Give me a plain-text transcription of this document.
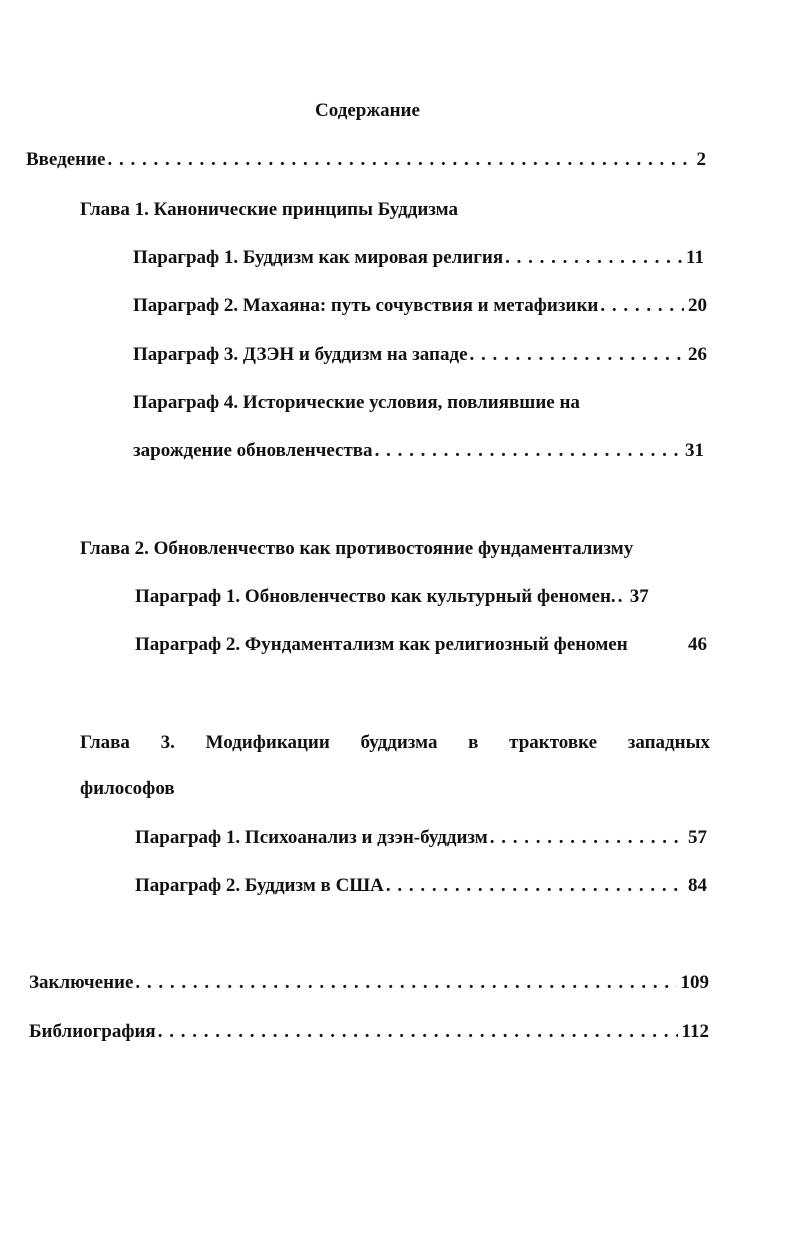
Содержание
Введение . . .	2
Глава 1. Канонические принципы Буддизма
Параграф 1. Буддизм как мировая религия . . .	11
Параграф 2. Махаяна: путь сочувствия и метафизики . . .	20
Параграф 3. ДЗЭН и буддизм на западе . . .	26
Параграф 4. Исторические условия, повлиявшие на
зарождение обновленчества . . .	31
Глава 2. Обновленчество как противостояние фундаментализму
Параграф 1. Обновленчество как культурный феномен. . . . 37
Параграф 2. Фундаментализм как религиозный феномен	46
Глава 3. Модификации буддизма в трактовке западных
философов
Параграф 1. Психоанализ и дзэн-буддизм . . .	57
Параграф 2. Буддизм в США . . .	84
Заключение . . .	109
Библиография . . .	112
